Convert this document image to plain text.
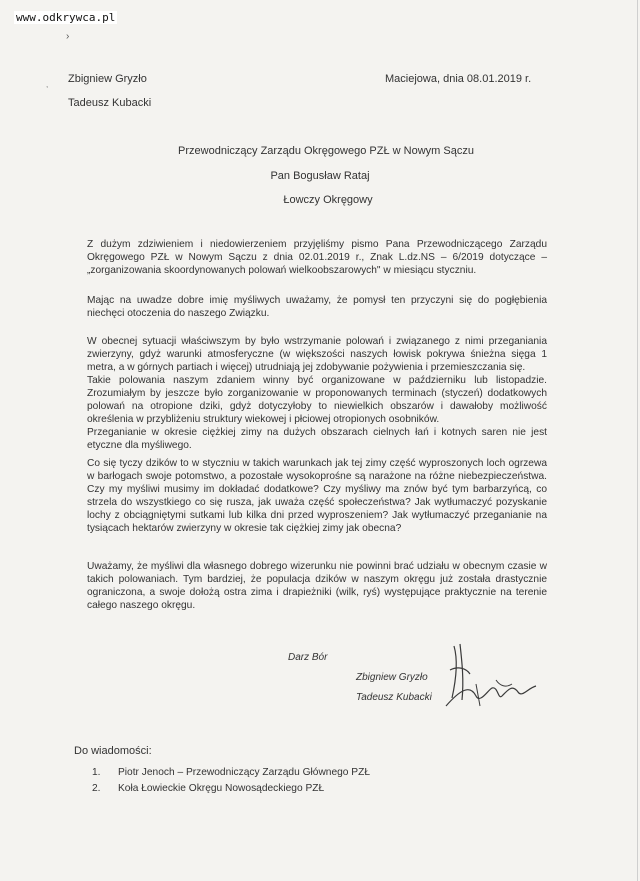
www.odkrywca.pl
›
, Zbigniew Gryzło
Tadeusz Kubacki
Maciejowa, dnia 08.01.2019 r.
Przewodniczący Zarządu Okręgowego PZŁ w Nowym Sączu
Pan Bogusław Rataj
Łowczy Okręgowy
Z dużym zdziwieniem i niedowierzeniem przyjęliśmy pismo Pana Przewodniczącego Zarządu Okręgowego PZŁ w Nowym Sączu z dnia 02.01.2019 r., Znak L.dz.NS – 6/2019 dotyczące – „zorganizowania skoordynowanych polowań wielkoobszarowych" w miesiącu styczniu.
Mając na uwadze dobre imię myśliwych uważamy, że pomysł ten przyczyni się do pogłębienia niechęci otoczenia do naszego Związku.
W obecnej sytuacji właściwszym by było wstrzymanie polowań i związanego z nimi przeganiania zwierzyny, gdyż warunki atmosferyczne (w większości naszych łowisk pokrywa śnieżna sięga 1 metra, a w górnych partiach i więcej) utrudniają jej zdobywanie pożywienia i przemieszczania się.
Takie polowania naszym zdaniem winny być organizowane w październiku lub listopadzie. Zrozumiałym by jeszcze było zorganizowanie w proponowanych terminach (styczeń) dodatkowych polowań na otropione dziki, gdyż dotyczyłoby to niewielkich obszarów i dawałoby możliwość określenia w przybliżeniu struktury wiekowej i płciowej otropionych osobników.
Przeganianie w okresie ciężkiej zimy na dużych obszarach cielnych łań i kotnych saren nie jest etyczne dla myśliwego.
Co się tyczy dzików to w styczniu w takich warunkach jak tej zimy część wyproszonych loch ogrzewa w barłogach swoje potomstwo, a pozostałe wysokoprośne są narażone na różne niebezpieczeństwa. Czy my myśliwi musimy im dokładać dodatkowe? Czy myśliwy ma znów być tym barbarzyńcą, co strzela do wszystkiego co się rusza, jak uważa część społeczeństwa? Jak wytłumaczyć pozyskanie lochy z obciągniętymi sutkami lub kilka dni przed wyproszeniem? Jak wytłumaczyć przeganianie na tysiącach hektarów zwierzyny w okresie tak ciężkiej zimy jak obecna?
Uważamy, że myśliwi dla własnego dobrego wizerunku nie powinni brać udziału w obecnym czasie w takich polowaniach. Tym bardziej, że populacja dzików w naszym okręgu już została drastycznie ograniczona, a swoje dołożą ostra zima i drapieżniki (wilk, ryś) występujące praktycznie na terenie całego naszego okręgu.
Darz Bór
Zbigniew Gryzło
Tadeusz Kubacki
Do wiadomości:
1. Piotr Jenoch – Przewodniczący Zarządu Głównego PZŁ
2. Koła Łowieckie Okręgu Nowosądeckiego PZŁ
